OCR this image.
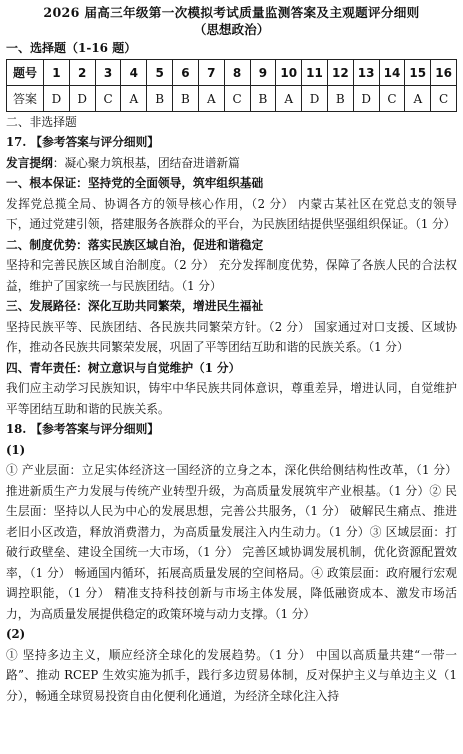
2026 届高三年级第一次模拟考试质量监测答案及主观题评分细则
（思想政治）
一、选择题（1-16 题）
题号	1	2	3	4	5	6	7	8	9	10	11	12	13	14	15	16
答案	D	D	C	A	B	B	A	C	B	A	D	B	D	C	A	C
二、非选择题

17. 【参考答案与评分细则】

发言提纲：凝心聚力筑根基，团结奋进谱新篇

一、根本保证：坚持党的全面领导，筑牢组织基础

发挥党总揽全局、协调各方的领导核心作用，（2 分） 内蒙古某社区在党总支的领导下，通过党建引领，搭建服务各族群众的平台，为民族团结提供坚强组织保证。（1 分）

二、制度优势：落实民族区域自治，促进和谐稳定

坚持和完善民族区域自治制度。（2 分） 充分发挥制度优势，保障了各族人民的合法权益，维护了国家统一与民族团结。（1 分）

三、发展路径：深化互助共同繁荣，增进民生福祉

坚持民族平等、民族团结、各民族共同繁荣方针。（2 分） 国家通过对口支援、区域协作，推动各民族共同繁荣发展，巩固了平等团结互助和谐的民族关系。（1 分）

四、青年责任：树立意识与自觉维护（1 分）

我们应主动学习民族知识，铸牢中华民族共同体意识，尊重差异，增进认同，自觉维护平等团结互助和谐的民族关系。

18. 【参考答案与评分细则】

(1)

① 产业层面：立足实体经济这一国经济的立身之本，深化供给侧结构性改革，（1 分）推进新质生产力发展与传统产业转型升级，为高质量发展筑牢产业根基。（1 分）② 民生层面：坚持以人民为中心的发展思想，完善公共服务，（1 分） 破解民生痛点、推进老旧小区改造，释放消费潜力，为高质量发展注入内生动力。（1 分）③ 区域层面：打破行政壁垒、建设全国统一大市场，（1 分） 完善区域协调发展机制，优化资源配置效率，（1 分） 畅通国内循环，拓展高质量发展的空间格局。④ 政策层面：政府履行宏观调控职能，（1 分） 精准支持科技创新与市场主体发展，降低融资成本、激发市场活力，为高质量发展提供稳定的政策环境与动力支撑。（1 分）

(2)

① 坚持多边主义，顺应经济全球化的发展趋势。（1 分） 中国以高质量共建“一带一路”、推动 RCEP 生效实施为抓手，践行多边贸易体制，反对保护主义与单边主义（1 分），畅通全球贸易投资自由化便利化通道，为经济全球化注入持
